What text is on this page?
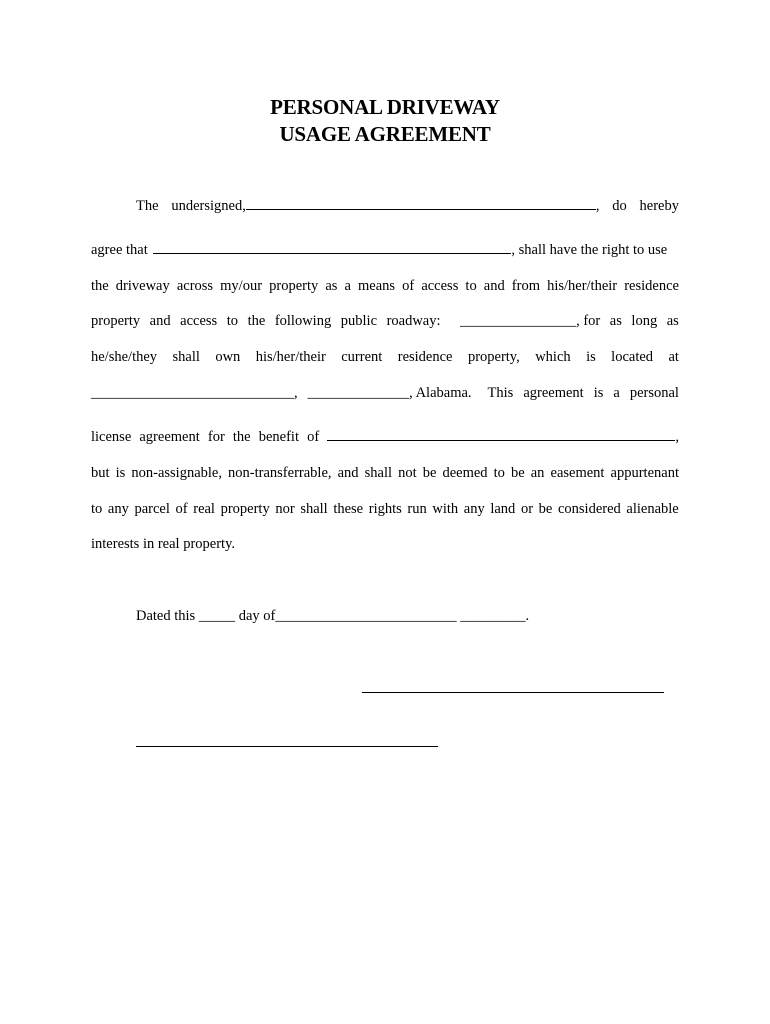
PERSONAL DRIVEWAY
USAGE AGREEMENT
The undersigned,	, do hereby
agree that	, shall have the right to use
the driveway across my/our property as a means of access to and from his/her/their residence
property and access to the following public roadway: ________________, for as long as
he/she/they shall own his/her/their current residence property, which is located at
____________________________, ______________, Alabama. This agreement is a personal
license agreement for the benefit of	,
but is non-assignable, non-transferrable, and shall not be deemed to be an easement appurtenant
to any parcel of real property nor shall these rights run with any land or be considered alienable
interests in real property.
Dated this _____ day of_________________________ _________.
